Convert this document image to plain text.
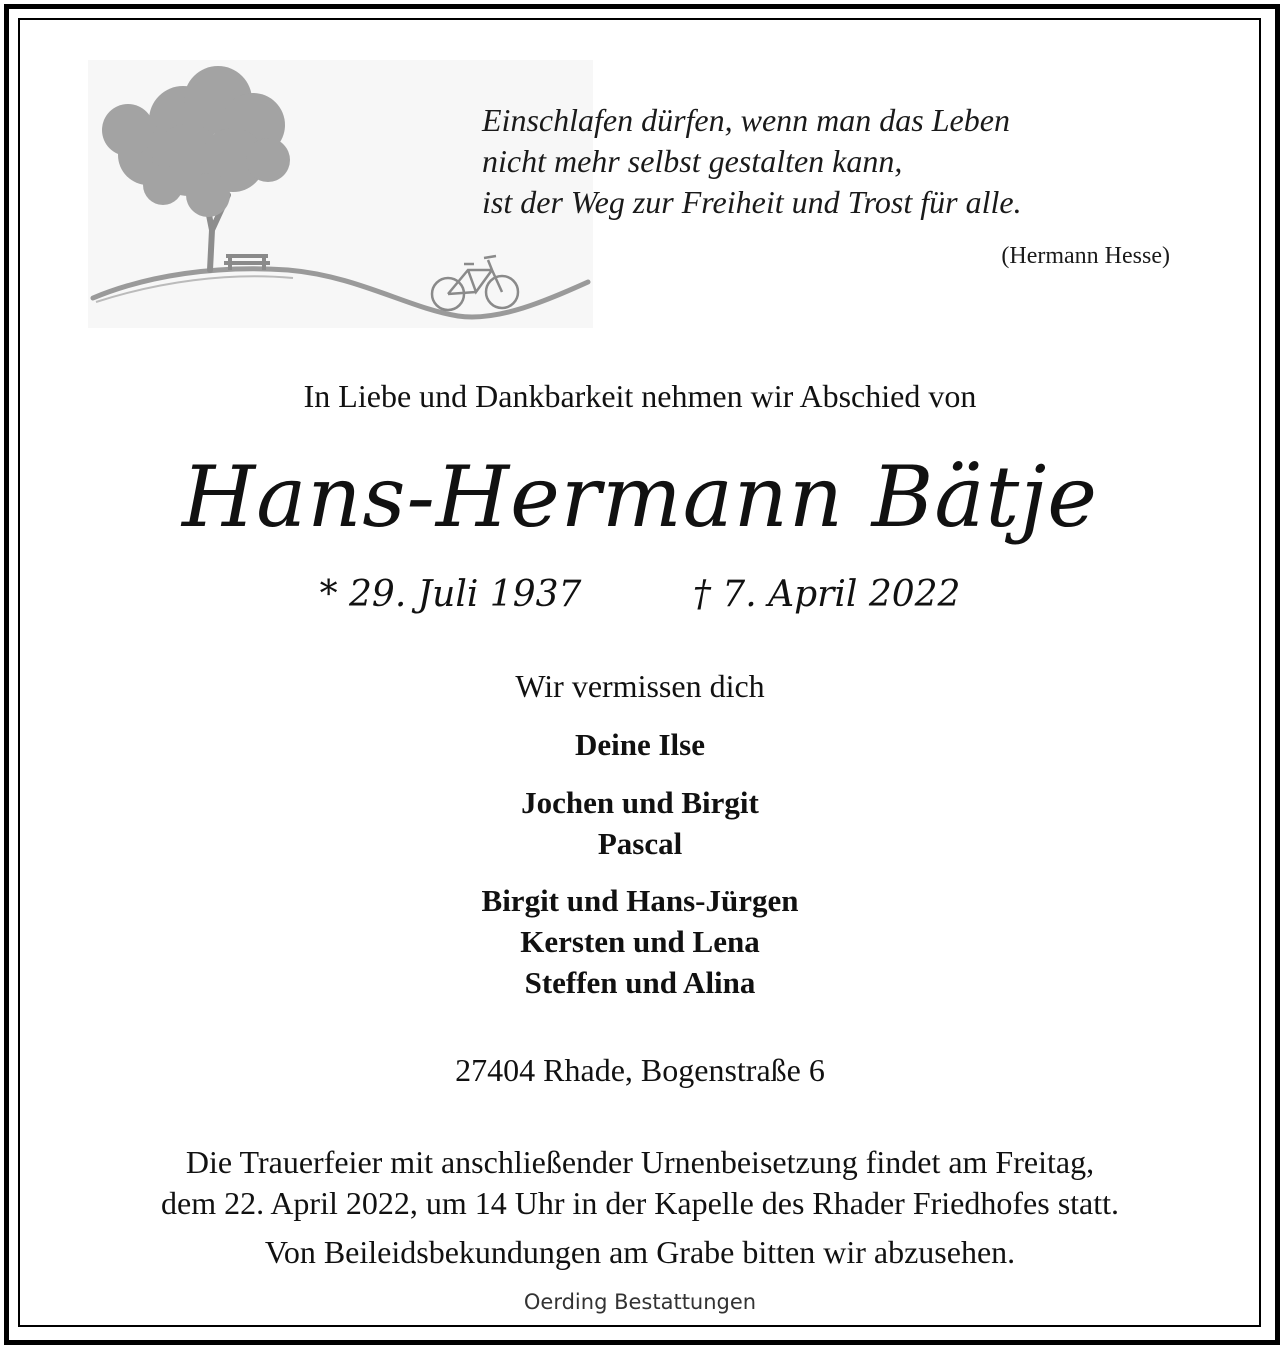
Einschlafen dürfen, wenn man das Leben
nicht mehr selbst gestalten kann,
ist der Weg zur Freiheit und Trost für alle.
(Hermann Hesse)
In Liebe und Dankbarkeit nehmen wir Abschied von
Hans-Hermann Bätje
* 29. Juli 1937	† 7. April 2022
Wir vermissen dich
Deine Ilse
Jochen und Birgit
Pascal
Birgit und Hans-Jürgen
Kersten und Lena
Steffen und Alina
27404 Rhade, Bogenstraße 6
Die Trauerfeier mit anschließender Urnenbeisetzung findet am Freitag,
dem 22. April 2022, um 14 Uhr in der Kapelle des Rhader Friedhofes statt.
Von Beileidsbekundungen am Grabe bitten wir abzusehen.
Oerding Bestattungen
